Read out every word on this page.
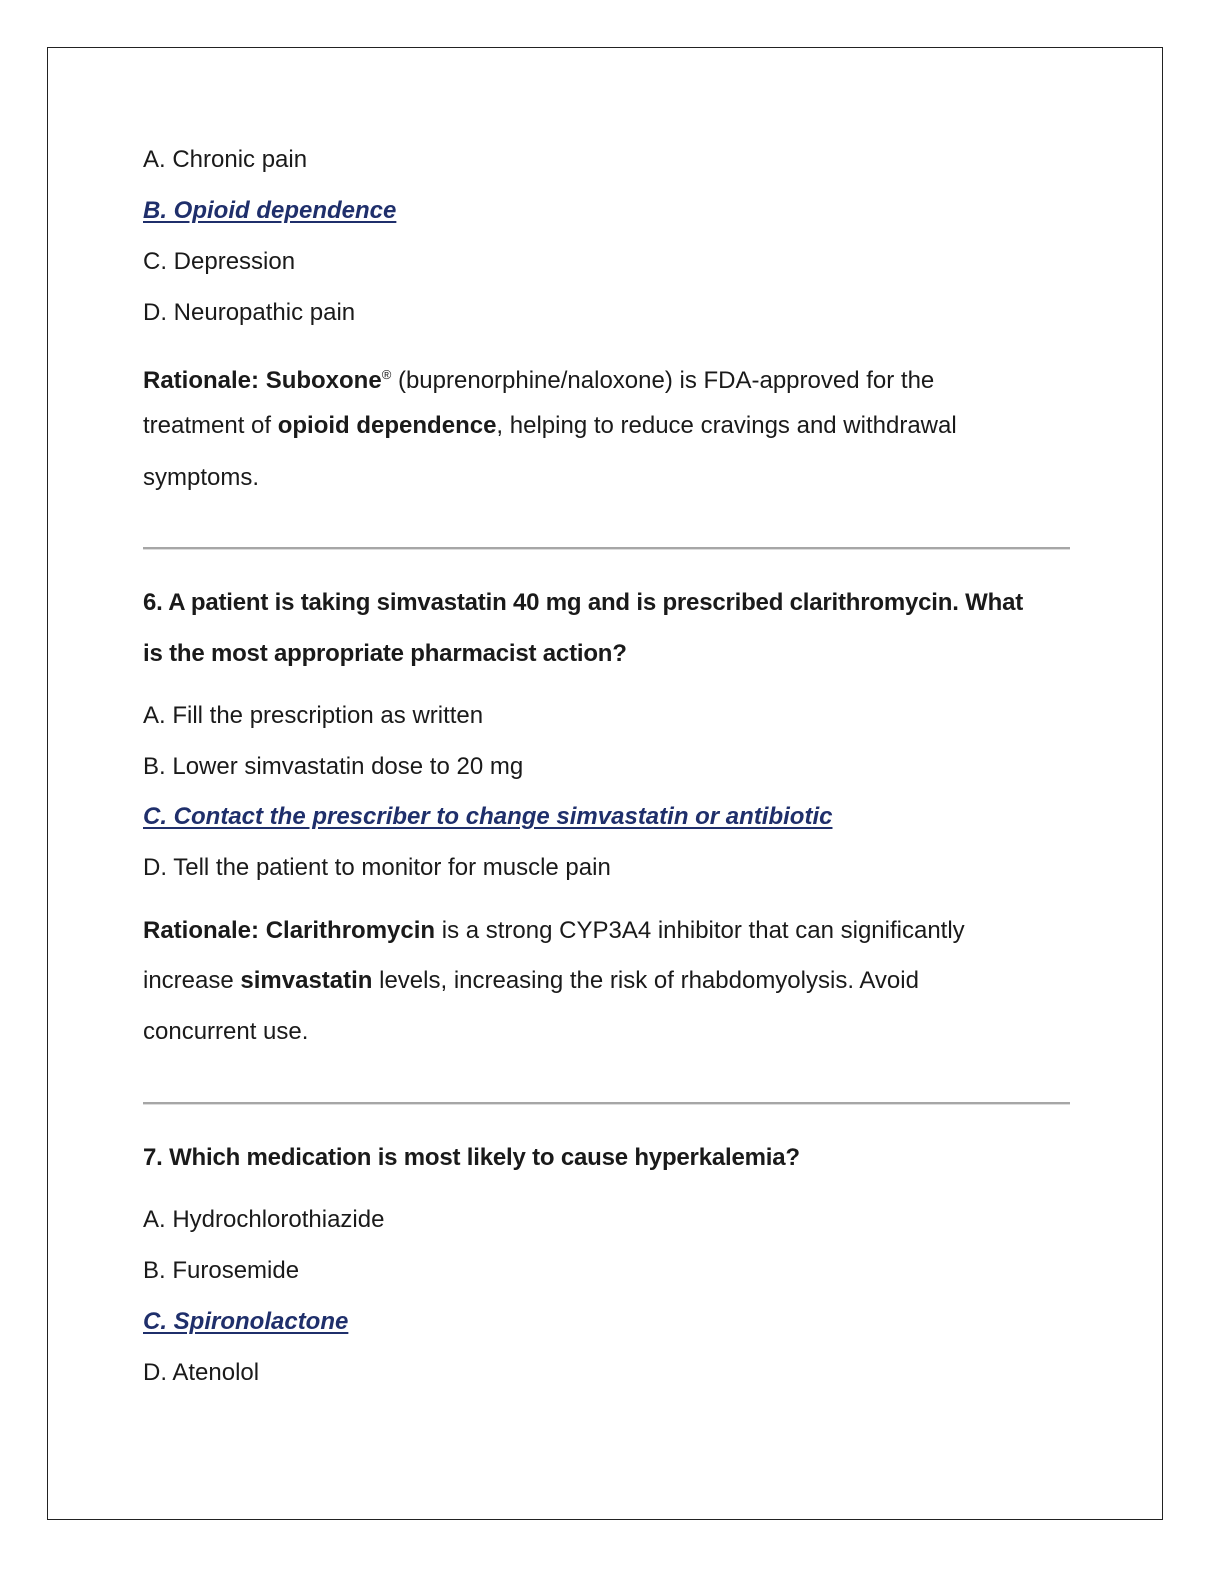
A. Chronic pain
B. Opioid dependence
C. Depression
D. Neuropathic pain
Rationale: Suboxone® (buprenorphine/naloxone) is FDA-approved for the
treatment of opioid dependence, helping to reduce cravings and withdrawal
symptoms.
6. A patient is taking simvastatin 40 mg and is prescribed clarithromycin. What
is the most appropriate pharmacist action?
A. Fill the prescription as written
B. Lower simvastatin dose to 20 mg
C. Contact the prescriber to change simvastatin or antibiotic
D. Tell the patient to monitor for muscle pain
Rationale: Clarithromycin is a strong CYP3A4 inhibitor that can significantly
increase simvastatin levels, increasing the risk of rhabdomyolysis. Avoid
concurrent use.
7. Which medication is most likely to cause hyperkalemia?
A. Hydrochlorothiazide
B. Furosemide
C. Spironolactone
D. Atenolol
